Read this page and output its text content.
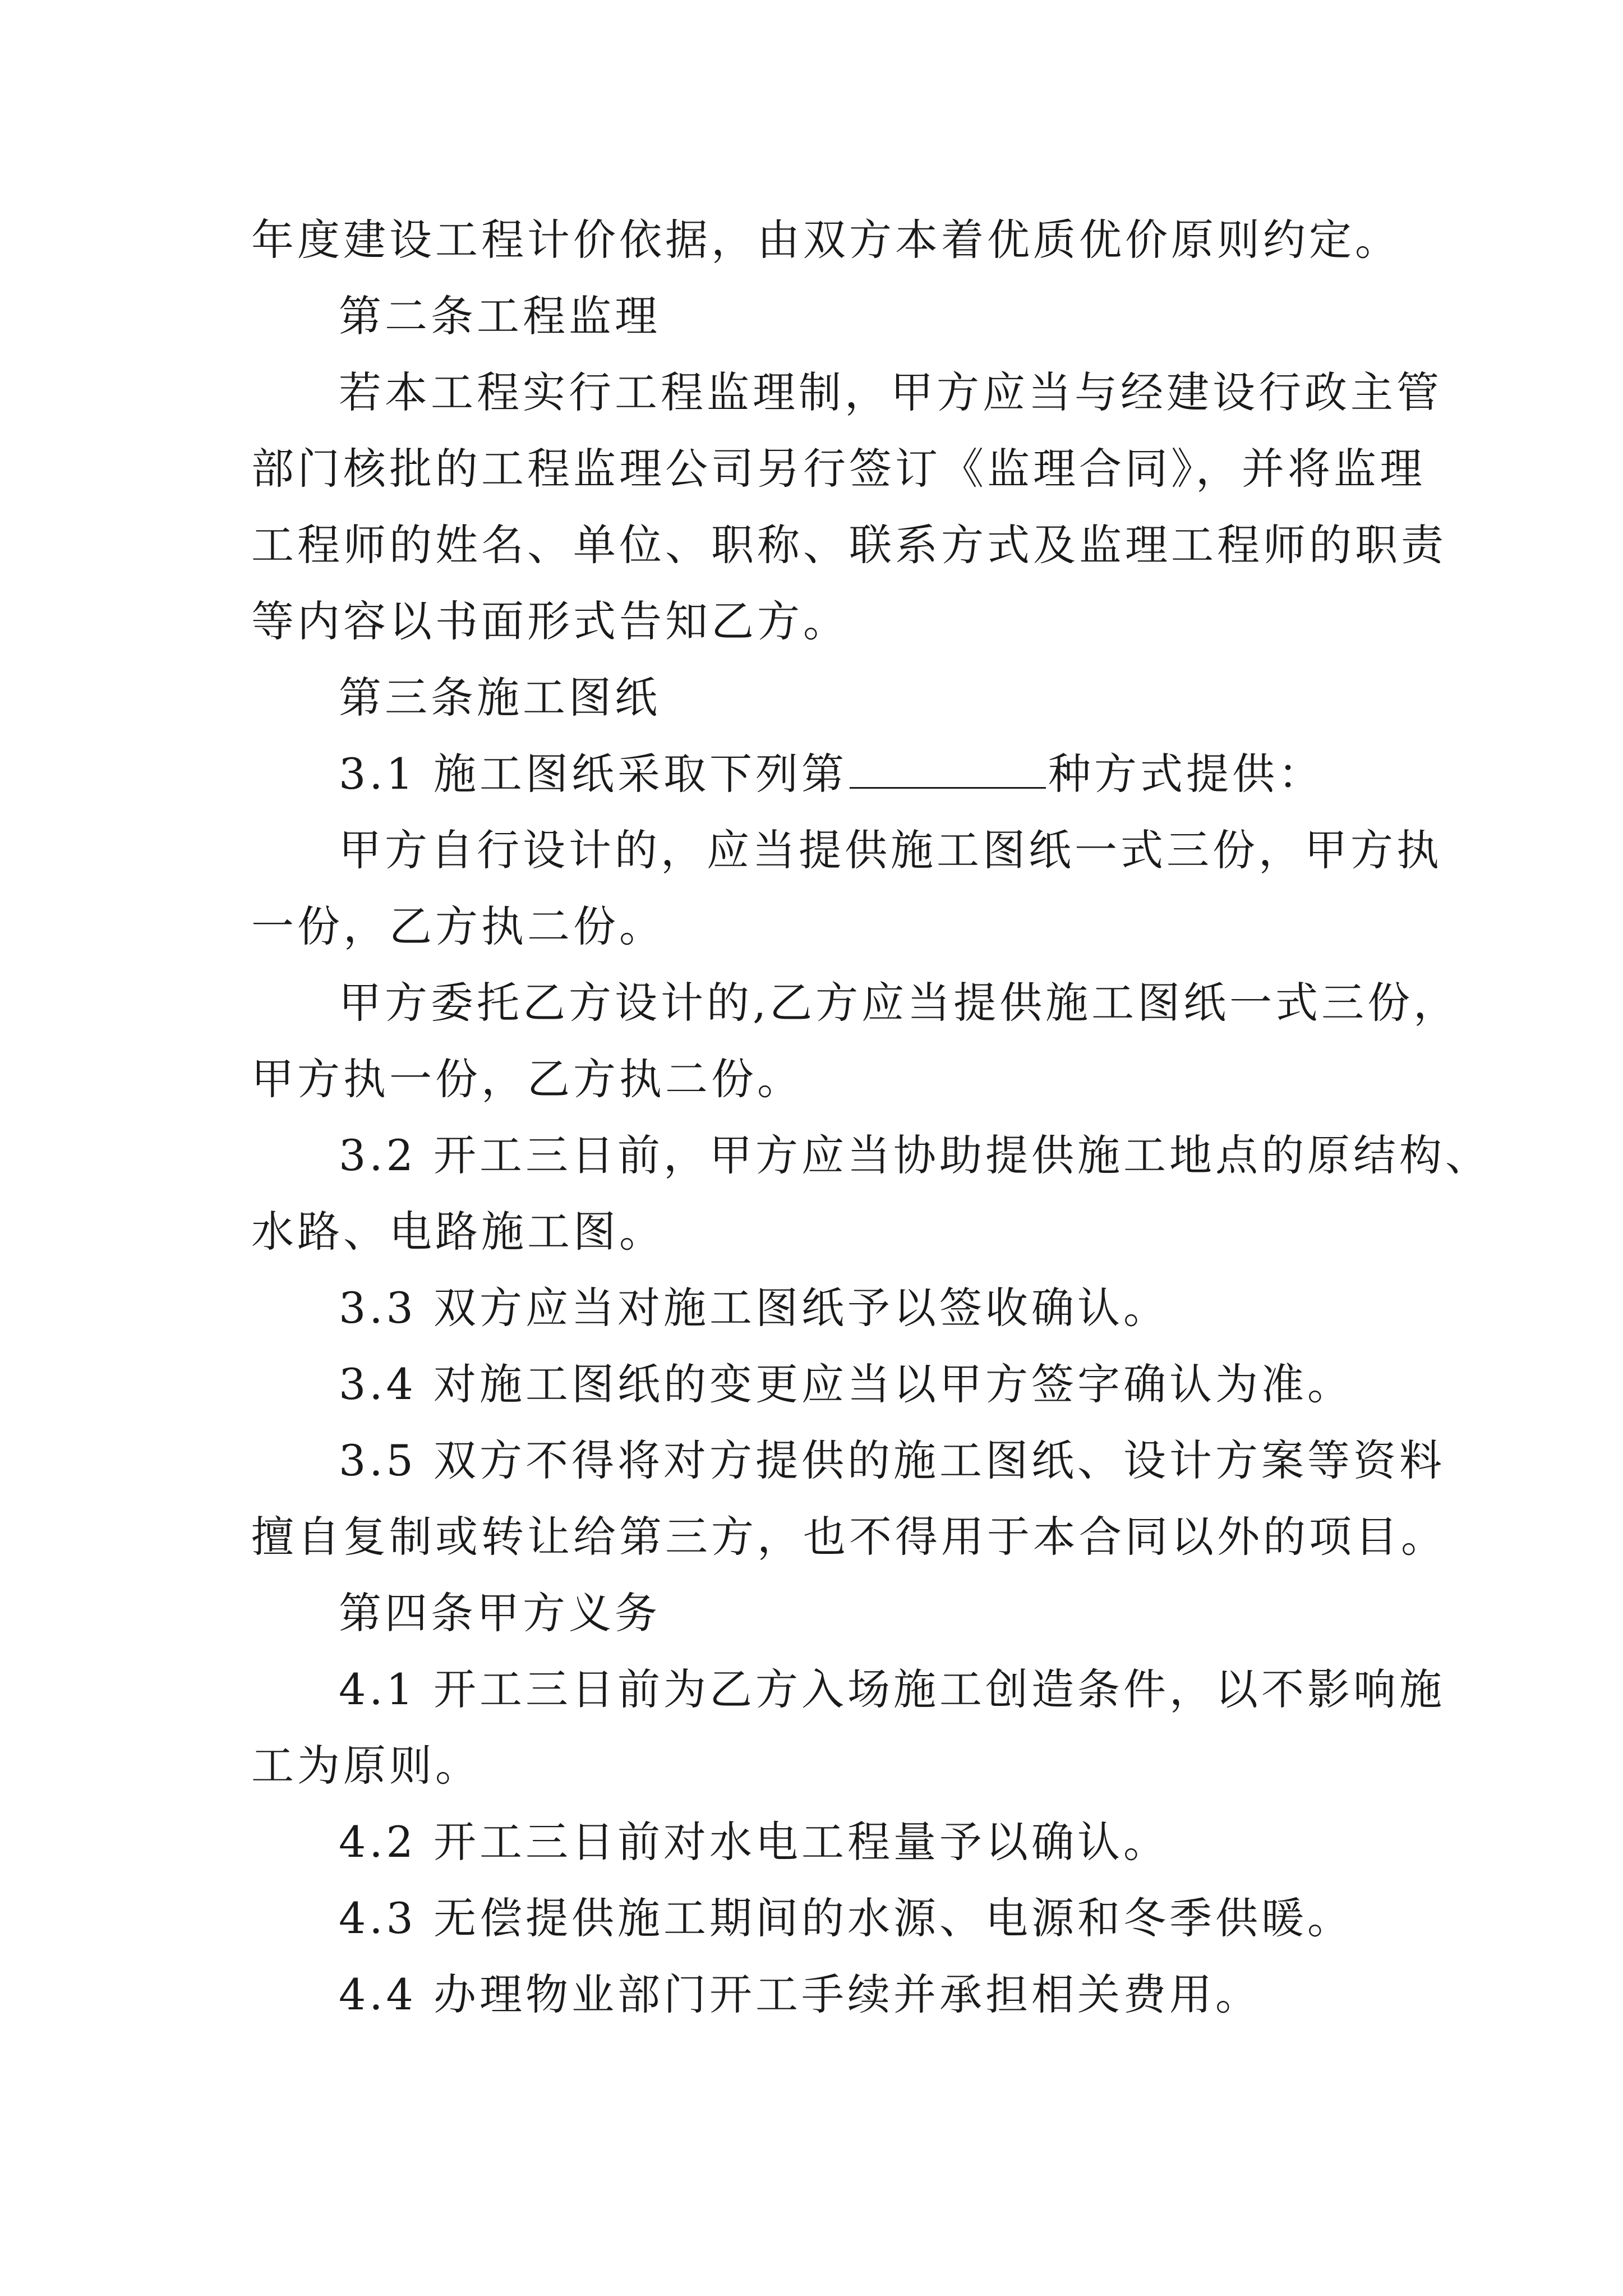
年度建设工程计价依据，由双方本着优质优价原则约定。
第二条工程监理
若本工程实行工程监理制，甲方应当与经建设行政主管
部门核批的工程监理公司另行签订《监理合同》，并将监理
工程师的姓名、单位、职称、联系方式及监理工程师的职责
等内容以书面形式告知乙方。
第三条施工图纸
3.1 施工图纸采取下列第	种方式提供：
甲方自行设计的，应当提供施工图纸一式三份，甲方执
一份，乙方执二份。
甲方委托乙方设计的,乙方应当提供施工图纸一式三份，
甲方执一份，乙方执二份。
3.2 开工三日前，甲方应当协助提供施工地点的原结构、
水路、电路施工图。
3.3 双方应当对施工图纸予以签收确认。
3.4 对施工图纸的变更应当以甲方签字确认为准。
3.5 双方不得将对方提供的施工图纸、设计方案等资料
擅自复制或转让给第三方，也不得用于本合同以外的项目。
第四条甲方义务
4.1 开工三日前为乙方入场施工创造条件，以不影响施
工为原则。
4.2 开工三日前对水电工程量予以确认。
4.3 无偿提供施工期间的水源、电源和冬季供暖。
4.4 办理物业部门开工手续并承担相关费用。
